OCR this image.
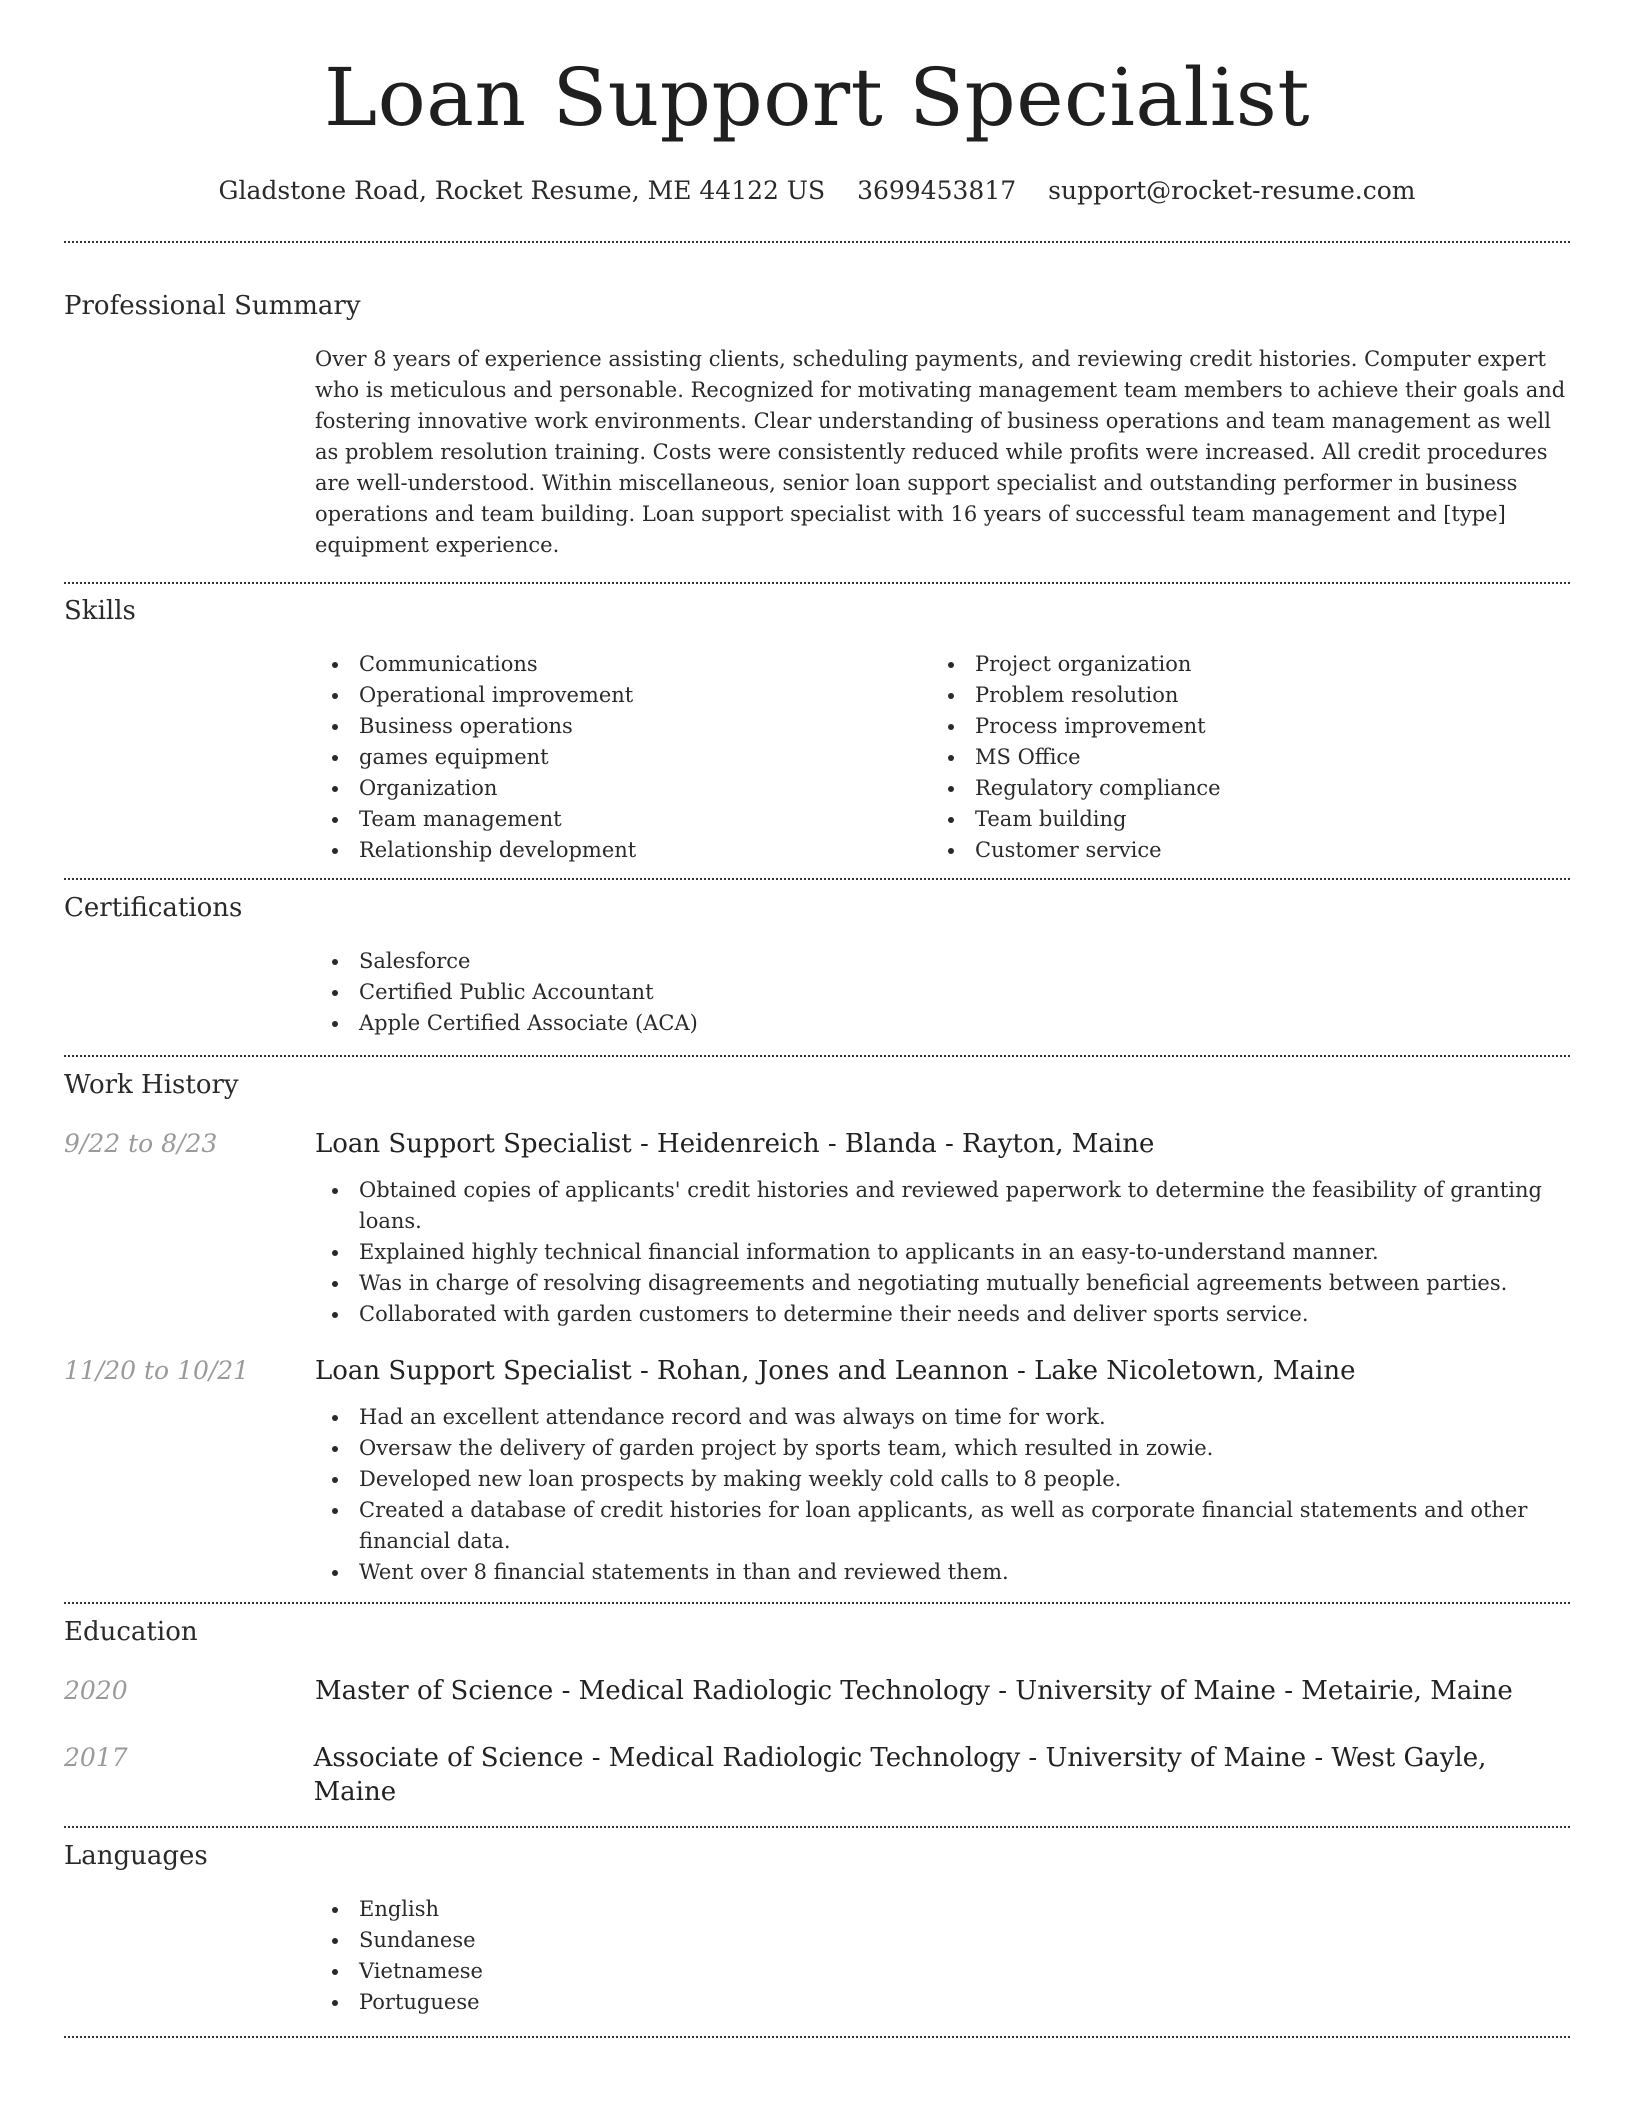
Loan Support Specialist
Gladstone Road, Rocket Resume, ME 44122 US 3699453817 support@rocket-resume.com
Professional Summary
Over 8 years of experience assisting clients, scheduling payments, and reviewing credit histories. Computer expert who is meticulous and personable. Recognized for motivating management team members to achieve their goals and fostering innovative work environments. Clear understanding of business operations and team management as well as problem resolution training. Costs were consistently reduced while profits were increased. All credit procedures are well-understood. Within miscellaneous, senior loan support specialist and outstanding performer in business operations and team building. Loan support specialist with 16 years of successful team management and [type] equipment experience.
Skills
Communications
Operational improvement
Business operations
games equipment
Organization
Team management
Relationship development
Project organization
Problem resolution
Process improvement
MS Office
Regulatory compliance
Team building
Customer service
Certifications
Salesforce
Certified Public Accountant
Apple Certified Associate (ACA)
Work History
9/22 to 8/23	Loan Support Specialist - Heidenreich - Blanda - Rayton, Maine
Obtained copies of applicants' credit histories and reviewed paperwork to determine the feasibility of granting loans.
Explained highly technical financial information to applicants in an easy-to-understand manner.
Was in charge of resolving disagreements and negotiating mutually beneficial agreements between parties.
Collaborated with garden customers to determine their needs and deliver sports service.
11/20 to 10/21	Loan Support Specialist - Rohan, Jones and Leannon - Lake Nicoletown, Maine
Had an excellent attendance record and was always on time for work.
Oversaw the delivery of garden project by sports team, which resulted in zowie.
Developed new loan prospects by making weekly cold calls to 8 people.
Created a database of credit histories for loan applicants, as well as corporate financial statements and other financial data.
Went over 8 financial statements in than and reviewed them.
Education
2020	Master of Science - Medical Radiologic Technology - University of Maine - Metairie, Maine
2017	Associate of Science - Medical Radiologic Technology - University of Maine - West Gayle, Maine
Languages
English
Sundanese
Vietnamese
Portuguese
